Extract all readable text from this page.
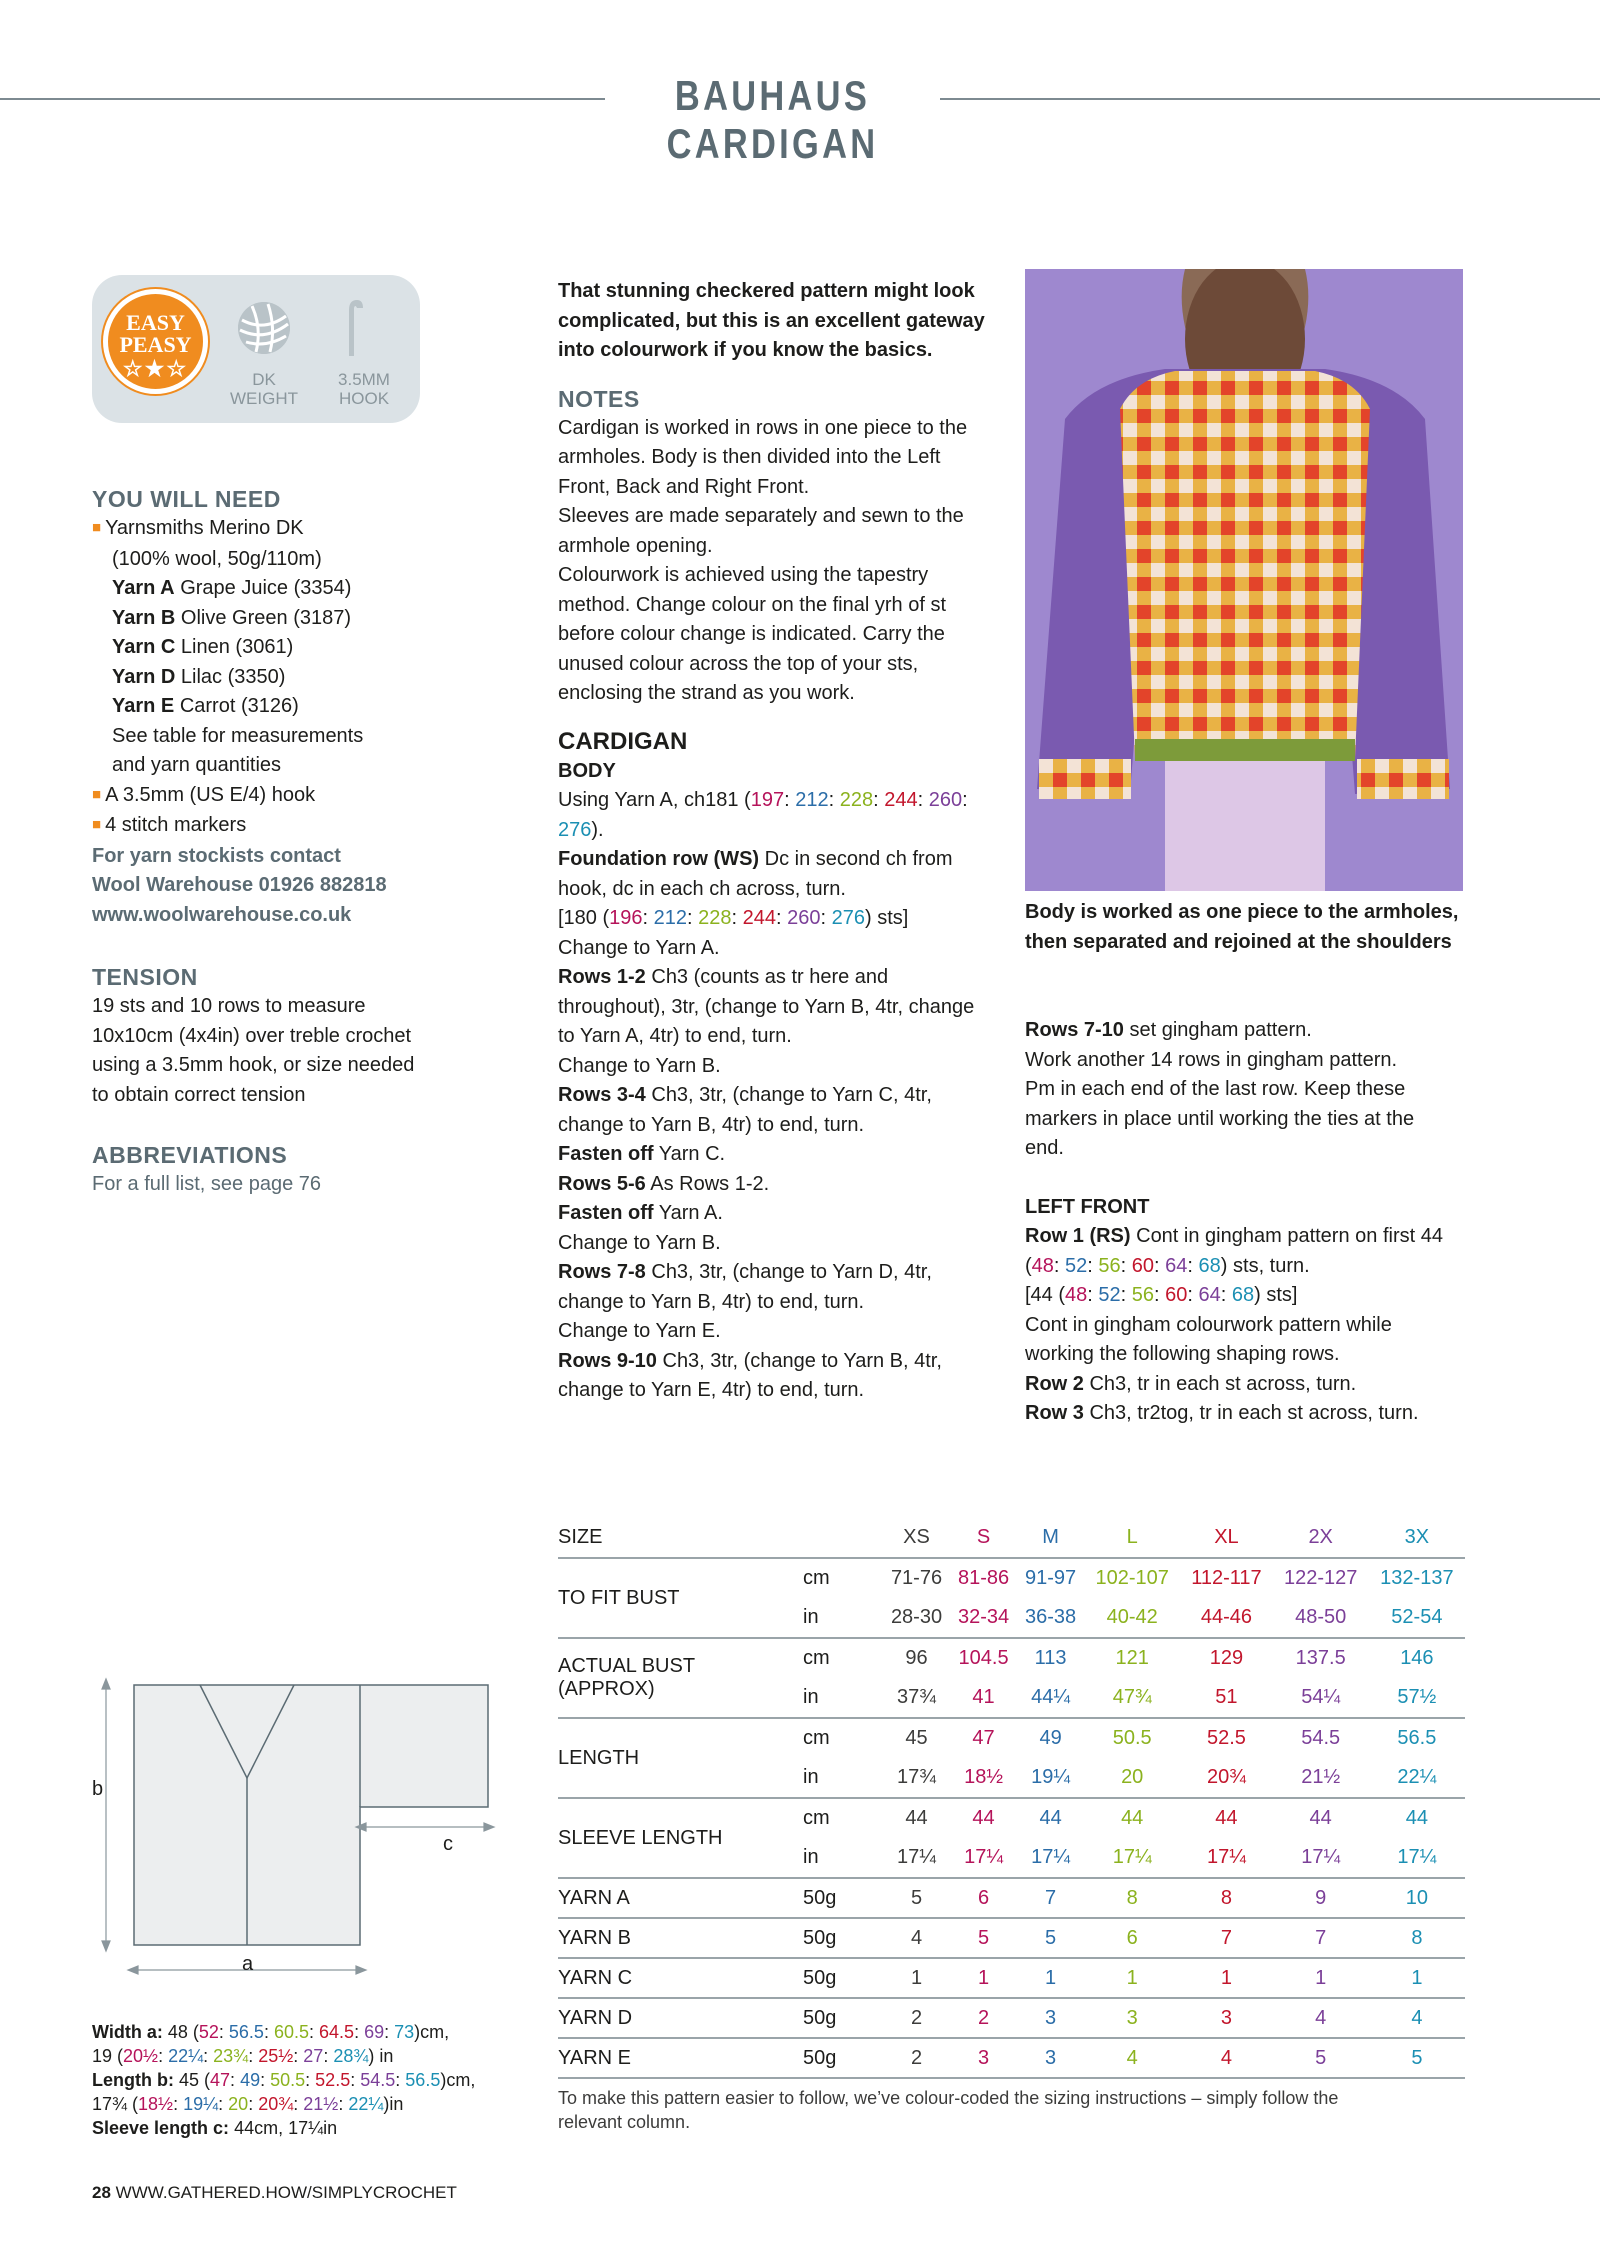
BAUHAUS CARDIGAN
EASY
PEASY
☆★☆	DK
WEIGHT
3.5MM
HOOK
YOU WILL NEED
■ Yarnsmiths Merino DK
(100% wool, 50g/110m)
Yarn A Grape Juice (3354)
Yarn B Olive Green (3187)
Yarn C Linen (3061)
Yarn D Lilac (3350)
Yarn E Carrot (3126)
See table for measurements
and yarn quantities
■ A 3.5mm (US E/4) hook
■ 4 stitch markers
For yarn stockists contact
Wool Warehouse 01926 882818
www.woolwarehouse.co.uk
TENSION
19 sts and 10 rows to measure
10x10cm (4x4in) over treble crochet
using a 3.5mm hook, or size needed
to obtain correct tension
ABBREVIATIONS
For a full list, see page 76
That stunning checkered pattern might look
complicated, but this is an excellent gateway
into colourwork if you know the basics.
NOTES
Cardigan is worked in rows in one piece to the
armholes. Body is then divided into the Left
Front, Back and Right Front.
Sleeves are made separately and sewn to the
armhole opening.
Colourwork is achieved using the tapestry
method. Change colour on the final yrh of st
before colour change is indicated. Carry the
unused colour across the top of your sts,
enclosing the strand as you work.
CARDIGAN
BODY
Using Yarn A, ch181 (197: 212: 228: 244: 260:
276).
Foundation row (WS) Dc in second ch from
hook, dc in each ch across, turn.
[180 (196: 212: 228: 244: 260: 276) sts]
Change to Yarn A.
Rows 1-2 Ch3 (counts as tr here and
throughout), 3tr, (change to Yarn B, 4tr, change
to Yarn A, 4tr) to end, turn.
Change to Yarn B.
Rows 3-4 Ch3, 3tr, (change to Yarn C, 4tr,
change to Yarn B, 4tr) to end, turn.
Fasten off Yarn C.
Rows 5-6 As Rows 1-2.
Fasten off Yarn A.
Change to Yarn B.
Rows 7-8 Ch3, 3tr, (change to Yarn D, 4tr,
change to Yarn B, 4tr) to end, turn.
Change to Yarn E.
Rows 9-10 Ch3, 3tr, (change to Yarn B, 4tr,
change to Yarn E, 4tr) to end, turn.
Body is worked as one piece to the armholes,
then separated and rejoined at the shoulders
Rows 7-10 set gingham pattern.
Work another 14 rows in gingham pattern.
Pm in each end of the last row. Keep these
markers in place until working the ties at the
end.
LEFT FRONT
Row 1 (RS) Cont in gingham pattern on first 44
(48: 52: 56: 60: 64: 68) sts, turn.
[44 (48: 52: 56: 60: 64: 68) sts]
Cont in gingham colourwork pattern while
working the following shaping rows.
Row 2 Ch3, tr in each st across, turn.
Row 3 Ch3, tr2tog, tr in each st across, turn.
b
a
c
Width a: 48 (52: 56.5: 60.5: 64.5: 69: 73)cm,
19 (20½: 22¼: 23¾: 25½: 27: 28¾) in
Length b: 45 (47: 49: 50.5: 52.5: 54.5: 56.5)cm,
17¾ (18½: 19¼: 20: 20¾: 21½: 22¼)in
Sleeve length c: 44cm, 17¼in
SIZE		XS	S	M	L	XL	2X	3X
TO FIT BUST	cm	71-76	81-86	91-97	102-107	112-117	122-127	132-137
	in	28-30	32-34	36-38	40-42	44-46	48-50	52-54

ACTUAL BUST
(APPROX)	cm	96	104.5	113	121	129	137.5	146
	in	37¾	41	44¼	47¾	51	54¼	57½
LENGTH	cm	45	47	49	50.5	52.5	54.5	56.5
	in	17¾	18½	19¼	20	20¾	21½	22¼
SLEEVE LENGTH	cm	44	44	44	44	44	44	44
	in	17¼	17¼	17¼	17¼	17¼	17¼	17¼
YARN A	50g	5	6	7	8	8	9	10
YARN B	50g	4	5	5	6	7	7	8
YARN C	50g	1	1	1	1	1	1	1
YARN D	50g	2	2	3	3	3	4	4
YARN E	50g	2	3	3	4	4	5	5
To make this pattern easier to follow, we’ve colour-coded the sizing instructions – simply follow the
relevant column.
28 WWW.GATHERED.HOW/SIMPLYCROCHET
